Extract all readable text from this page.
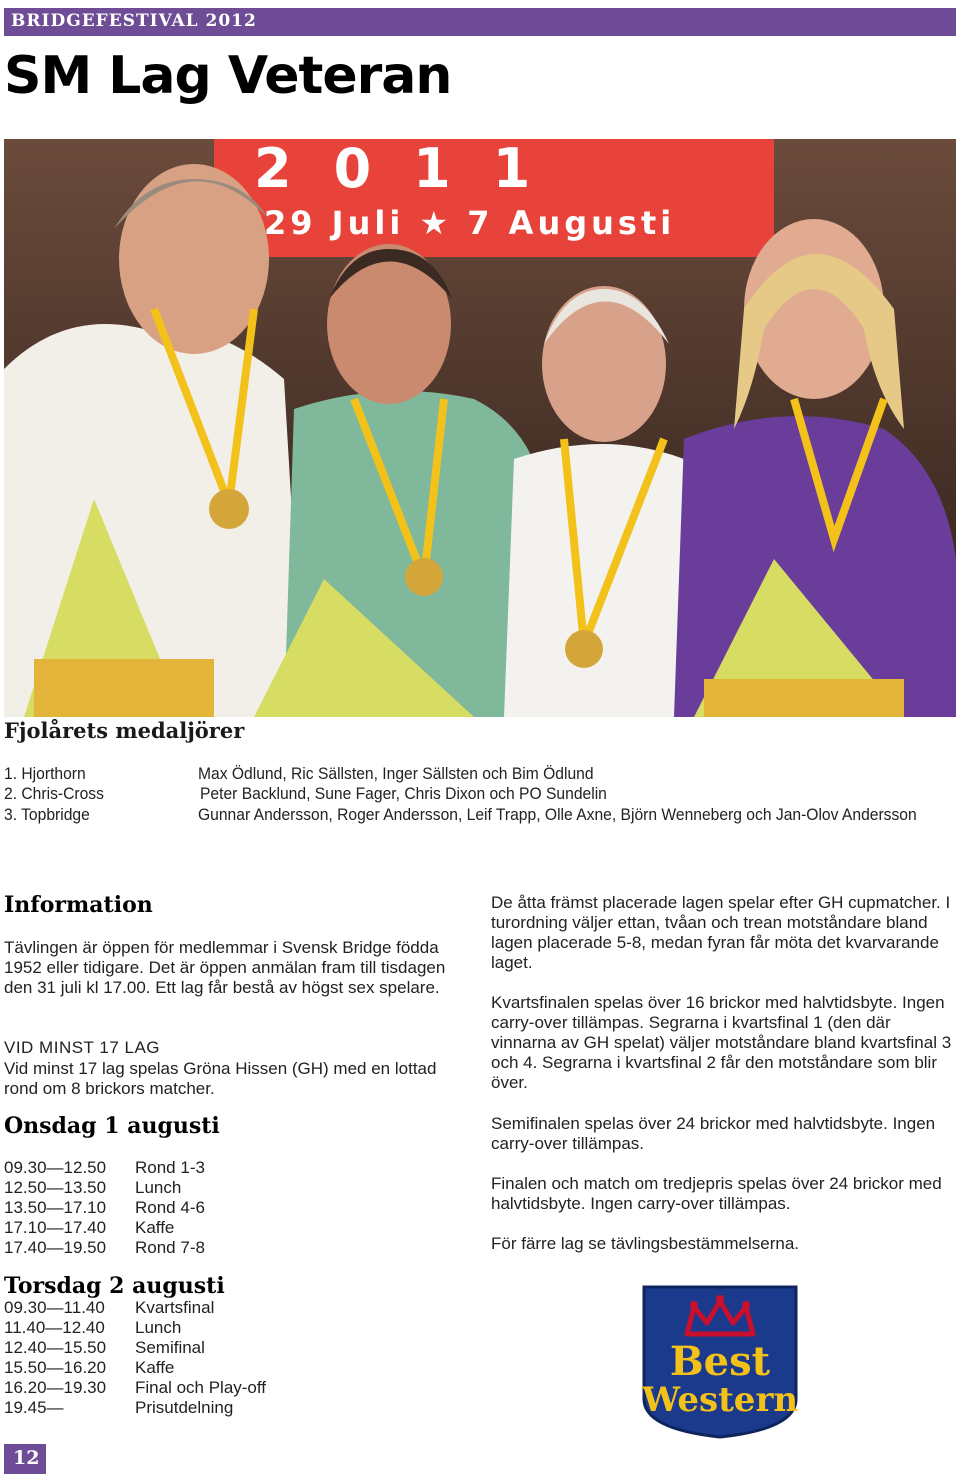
BRIDGEFESTIVAL 2012
SM Lag Veteran
2011
29 Juli ★ 7 Augusti
Fjolårets medaljörer
1. Hjorthorn	Max Ödlund, Ric Sällsten, Inger Sällsten och Bim Ödlund
2. Chris-Cross	Peter Backlund, Sune Fager, Chris Dixon och PO Sundelin
3. Topbridge	Gunnar Andersson, Roger Andersson, Leif Trapp, Olle Axne, Björn Wenneberg och Jan-Olov Andersson
Information
Tävlingen är öppen för medlemmar i Svensk Bridge födda 1952 eller tidigare. Det är öppen anmälan fram till tisdagen den 31 juli kl 17.00. Ett lag får bestå av högst sex spelare.
VID MINST 17 LAG
Vid minst 17 lag spelas Gröna Hissen (GH) med en lottad rond om 8 brickors matcher.
Onsdag 1 augusti
09.30—12.50 Rond 1-3
12.50—13.50 Lunch
13.50—17.10 Rond 4-6
17.10—17.40 Kaffe
17.40—19.50 Rond 7-8
Torsdag 2 augusti
09.30—11.40 Kvartsfinal
11.40—12.40 Lunch
12.40—15.50 Semifinal
15.50—16.20 Kaffe
16.20—19.30 Final och Play-off
19.45—	Prisutdelning
De åtta främst placerade lagen spelar efter GH cupmatcher. I turordning väljer ettan, tvåan och trean motståndare bland lagen placerade 5-8, medan fyran får möta det kvarvarande laget.
Kvartsfinalen spelas över 16 brickor med halvtidsbyte. Ingen carry-over tillämpas. Segrarna i kvartsfinal 1 (den där vinnarna av GH spelat) väljer motståndare bland kvartsfinal 3 och 4. Segrarna i kvartsfinal 2 får den motståndare som blir över.
Semifinalen spelas över 24 brickor med halvtidsbyte. Ingen carry-over tillämpas.
Finalen och match om tredjepris spelas över 24 brickor med halvtidsbyte. Ingen carry-over tillämpas.
För färre lag se tävlingsbestämmelserna.
Best
Western
12
